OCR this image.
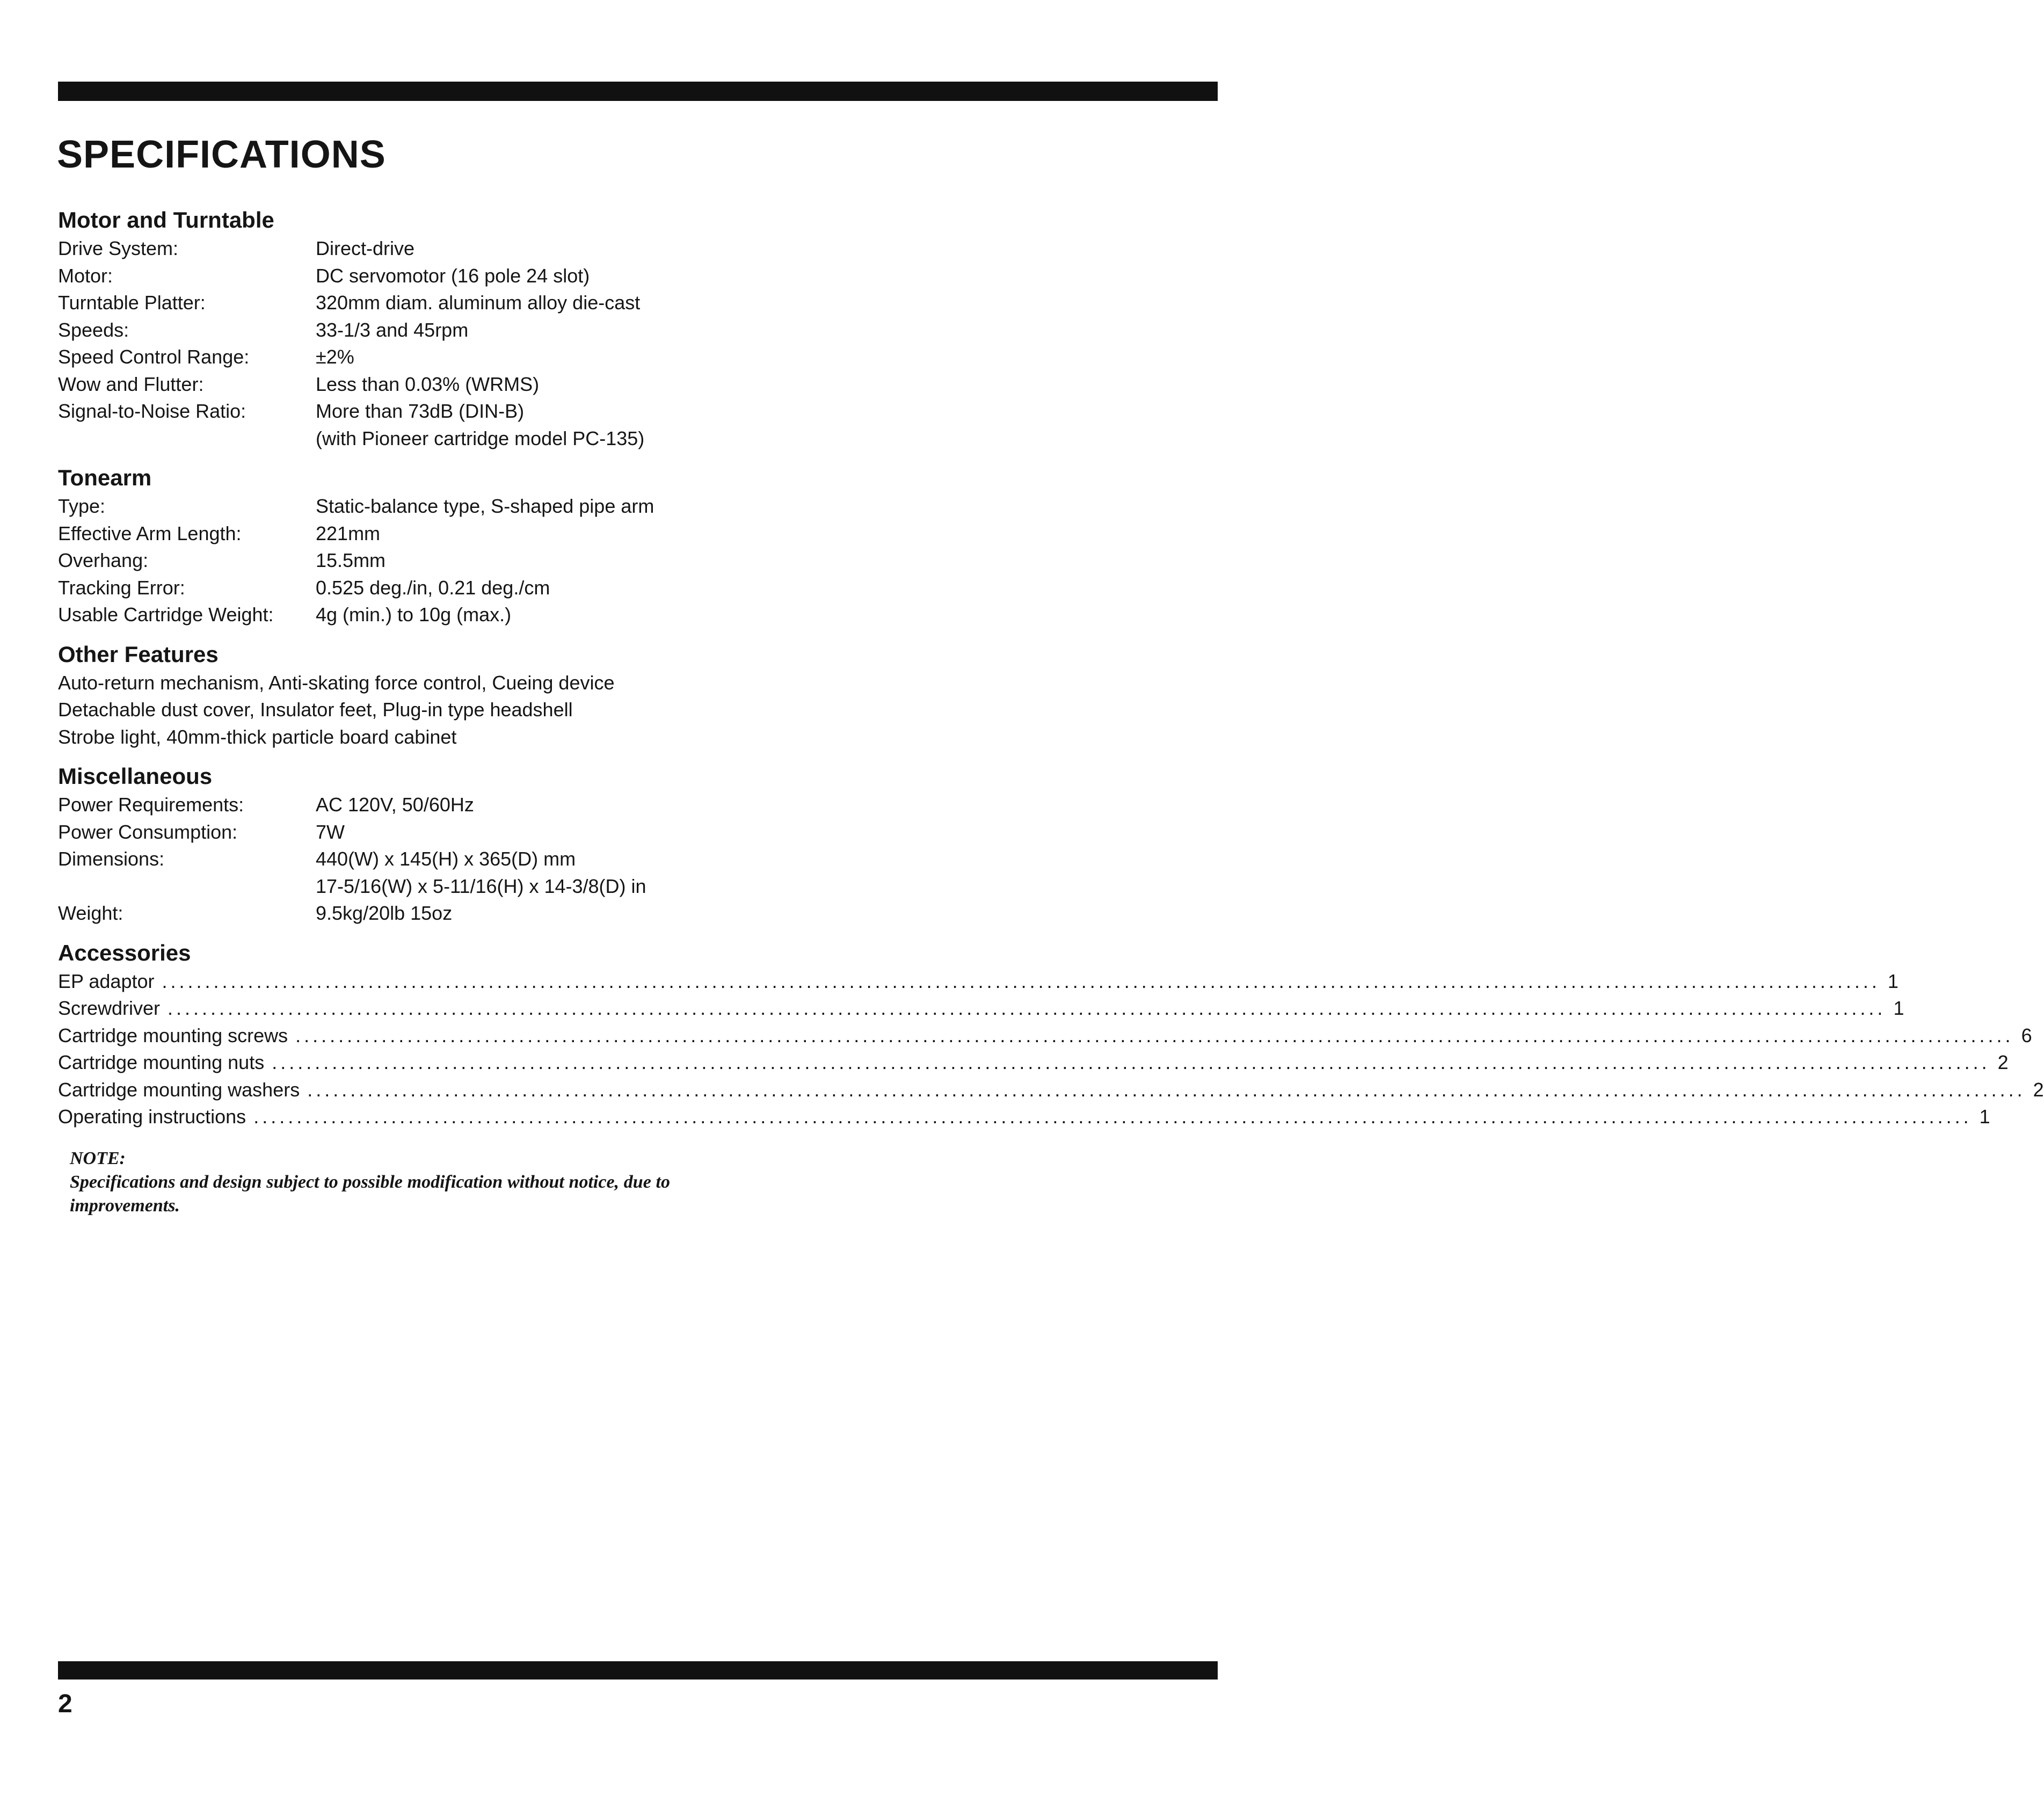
SPECIFICATIONS
Motor and Turntable
Drive System:	Direct-drive
Motor:	DC servomotor (16 pole 24 slot)
Turntable Platter:	320mm diam. aluminum alloy die-cast
Speeds:	33-1/3 and 45rpm
Speed Control Range:	±2%
Wow and Flutter:	Less than 0.03% (WRMS)
Signal-to-Noise Ratio:	More than 73dB (DIN-B)
(with Pioneer cartridge model PC-135)
Tonearm
Type:	Static-balance type, S-shaped pipe arm
Effective Arm Length:	221mm
Overhang:	15.5mm
Tracking Error:	0.525 deg./in, 0.21 deg./cm
Usable Cartridge Weight:	4g (min.) to 10g (max.)
Other Features
Auto-return mechanism, Anti-skating force control, Cueing device
Detachable dust cover, Insulator feet, Plug-in type headshell
Strobe light, 40mm-thick particle board cabinet
Miscellaneous
Power Requirements:	AC 120V, 50/60Hz
Power Consumption:	7W
Dimensions:	440(W) x 145(H) x 365(D) mm
17-5/16(W) x 5-11/16(H) x 14-3/8(D) in
Weight:	9.5kg/20lb 15oz
Accessories
EP adaptor ........................................................................................................................................................................................................ 1
Screwdriver ........................................................................................................................................................................................................ 1
Cartridge mounting screws ........................................................................................................................................................................................................ 6
Cartridge mounting nuts ........................................................................................................................................................................................................ 2
Cartridge mounting washers ........................................................................................................................................................................................................ 2
Operating instructions ........................................................................................................................................................................................................ 1
NOTE:
Specifications and design subject to possible modification without notice, due to improvements.
2
